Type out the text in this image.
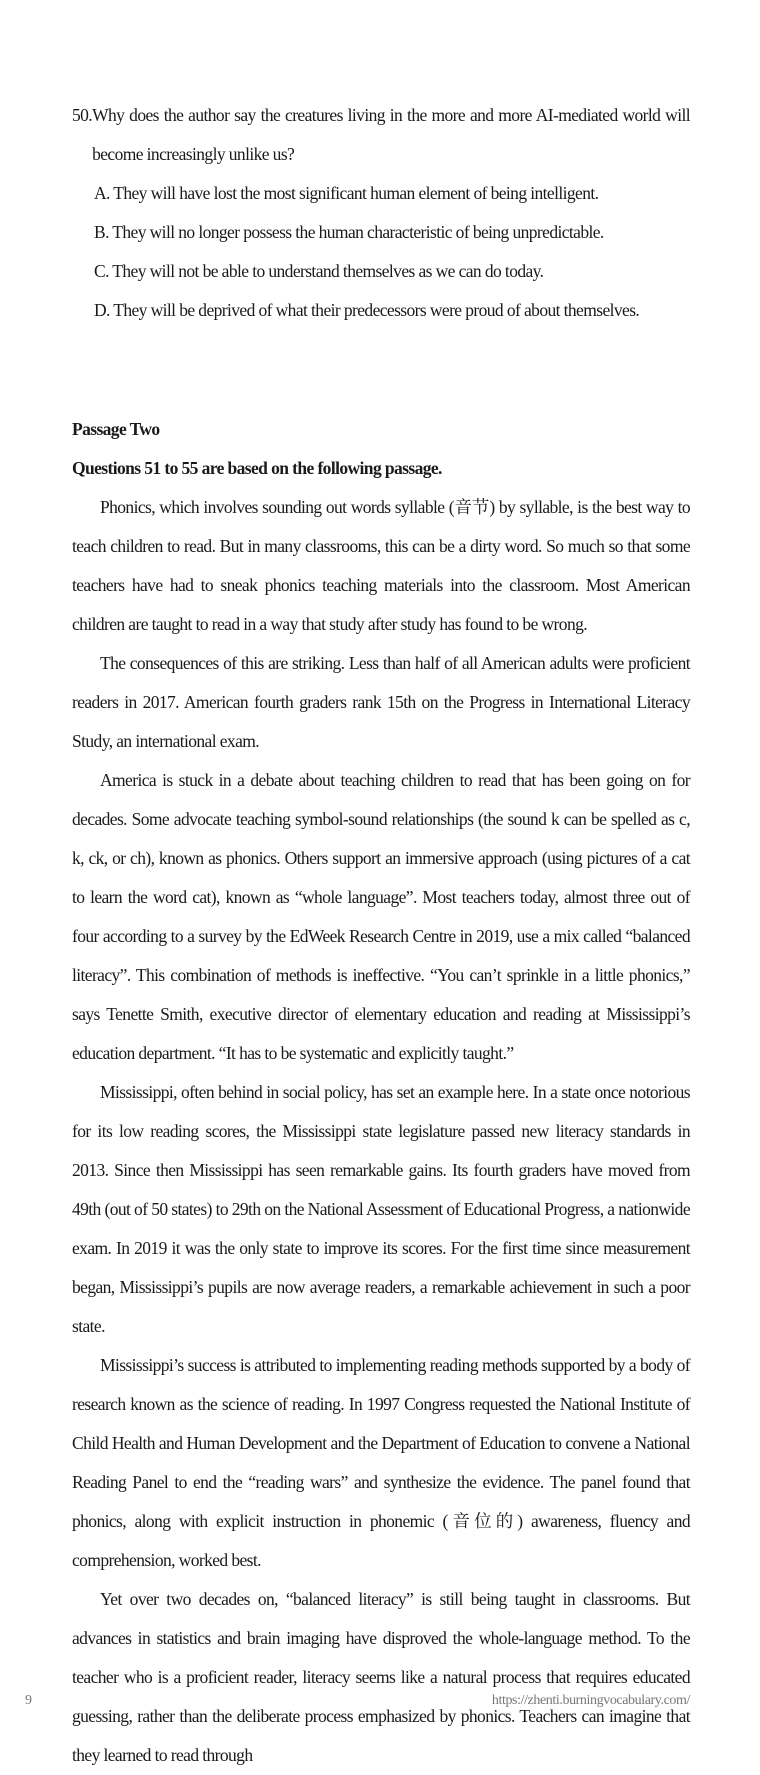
50. Why does the author say the creatures living in the more and more AI-mediated world will become increasingly unlike us?
A. They will have lost the most significant human element of being intelligent.
B. They will no longer possess the human characteristic of being unpredictable.
C. They will not be able to understand themselves as we can do today.
D. They will be deprived of what their predecessors were proud of about themselves.
Passage Two
Questions 51 to 55 are based on the following passage.

Phonics, which involves sounding out words syllable (音节) by syllable, is the best way to teach children to read. But in many classrooms, this can be a dirty word. So much so that some teachers have had to sneak phonics teaching materials into the classroom. Most American children are taught to read in a way that study after study has found to be wrong.

The consequences of this are striking. Less than half of all American adults were proficient readers in 2017. American fourth graders rank 15th on the Progress in International Literacy Study, an international exam.

America is stuck in a debate about teaching children to read that has been going on for decades. Some advocate teaching symbol-sound relationships (the sound k can be spelled as c, k, ck, or ch), known as phonics. Others support an immersive approach (using pictures of a cat to learn the word cat), known as “whole language”. Most teachers today, almost three out of four according to a survey by the EdWeek Research Centre in 2019, use a mix called “balanced literacy”. This combination of methods is ineffective. “You can’t sprinkle in a little phonics,” says Tenette Smith, executive director of elementary education and reading at Mississippi’s education department. “It has to be systematic and explicitly taught.”

Mississippi, often behind in social policy, has set an example here. In a state once notorious for its low reading scores, the Mississippi state legislature passed new literacy standards in 2013. Since then Mississippi has seen remarkable gains. Its fourth graders have moved from 49th (out of 50 states) to 29th on the National Assessment of Educational Progress, a nationwide exam. In 2019 it was the only state to improve its scores. For the first time since measurement began, Mississippi’s pupils are now average readers, a remarkable achievement in such a poor state.

Mississippi’s success is attributed to implementing reading methods supported by a body of research known as the science of reading. In 1997 Congress requested the National Institute of Child Health and Human Development and the Department of Education to convene a National Reading Panel to end the “reading wars” and synthesize the evidence. The panel found that phonics, along with explicit instruction in phonemic (音位的) awareness, fluency and comprehension, worked best.

Yet over two decades on, “balanced literacy” is still being taught in classrooms. But advances in statistics and brain imaging have disproved the whole-language method. To the teacher who is a proficient reader, literacy seems like a natural process that requires educated guessing, rather than the deliberate process emphasized by phonics. Teachers can imagine that they learned to read through

9	https://zhenti.burningvocabulary.com/
